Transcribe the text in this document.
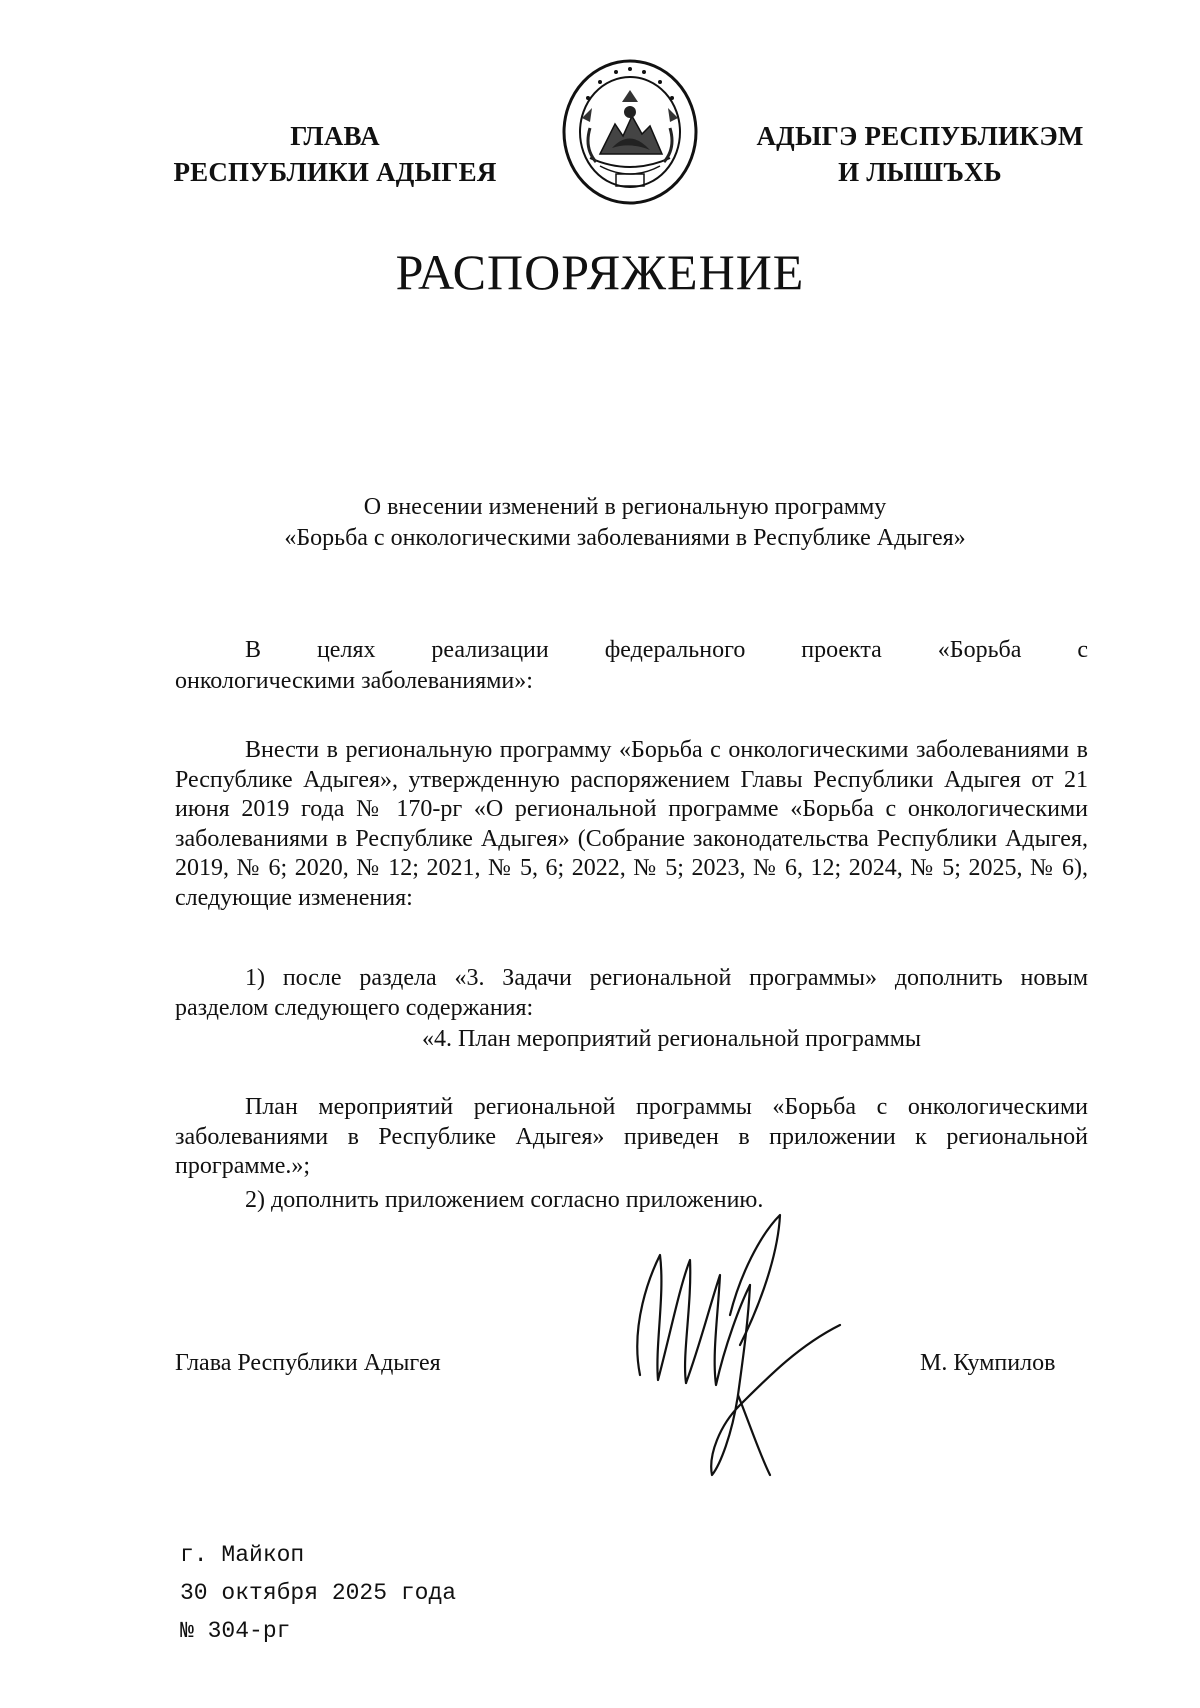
ГЛАВА
РЕСПУБЛИКИ АДЫГЕЯ
АДЫГЭ РЕСПУБЛИКЭМ
И ЛЫШЪХЬ
РАСПОРЯЖЕНИЕ
О внесении изменений в региональную программу
«Борьба с онкологическими заболеваниями в Республике Адыгея»
В целях реализации федерального проекта «Борьба с
онкологическими заболеваниями»:
Внести в региональную программу «Борьба с онкологическими заболеваниями в Республике Адыгея», утвержденную распоряжением Главы Республики Адыгея от 21 июня 2019 года № 170-рг «О региональной программе «Борьба с онкологическими заболеваниями в Республике Адыгея» (Собрание законодательства Республики Адыгея, 2019, № 6; 2020, № 12; 2021, № 5, 6; 2022, № 5; 2023, № 6, 12; 2024, № 5; 2025, № 6), следующие изменения:
1) после раздела «3. Задачи региональной программы» дополнить новым разделом следующего содержания:
«4. План мероприятий региональной программы
План мероприятий региональной программы «Борьба с онкологическими заболеваниями в Республике Адыгея» приведен в приложении к региональной программе.»;
2) дополнить приложением согласно приложению.
Глава Республики Адыгея	М. Кумпилов
г. Майкоп
30 октября 2025 года
№ 304-рг
